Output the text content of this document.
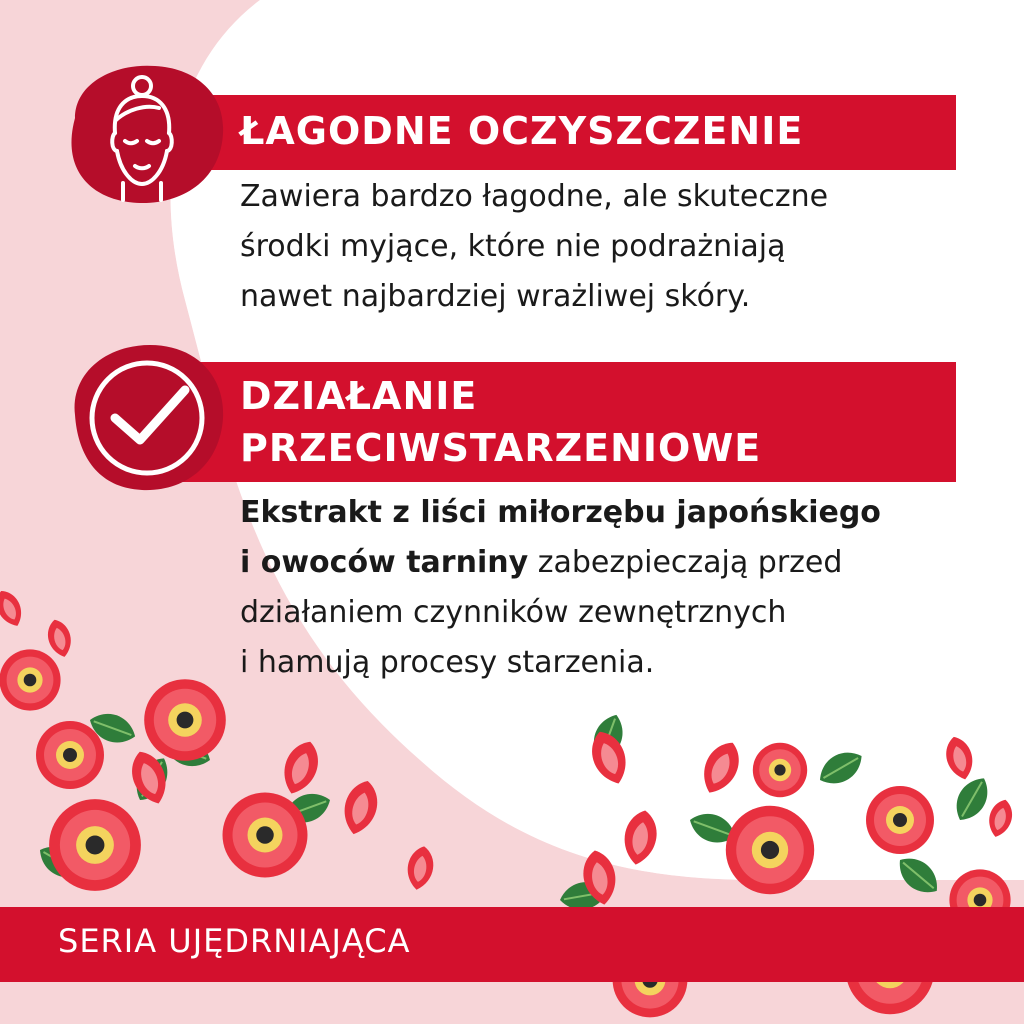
ŁAGODNE OCZYSZCZENIE
Zawiera bardzo łagodne, ale skuteczne
środki myjące, które nie podrażniają
nawet najbardziej wrażliwej skóry.
DZIAŁANIE
PRZECIWSTARZENIOWE
Ekstrakt z liści miłorzębu japońskiego
i owoców tarniny zabezpieczają przed
działaniem czynników zewnętrznych
i hamują procesy starzenia.
SERIA UJĘDRNIAJĄCA
